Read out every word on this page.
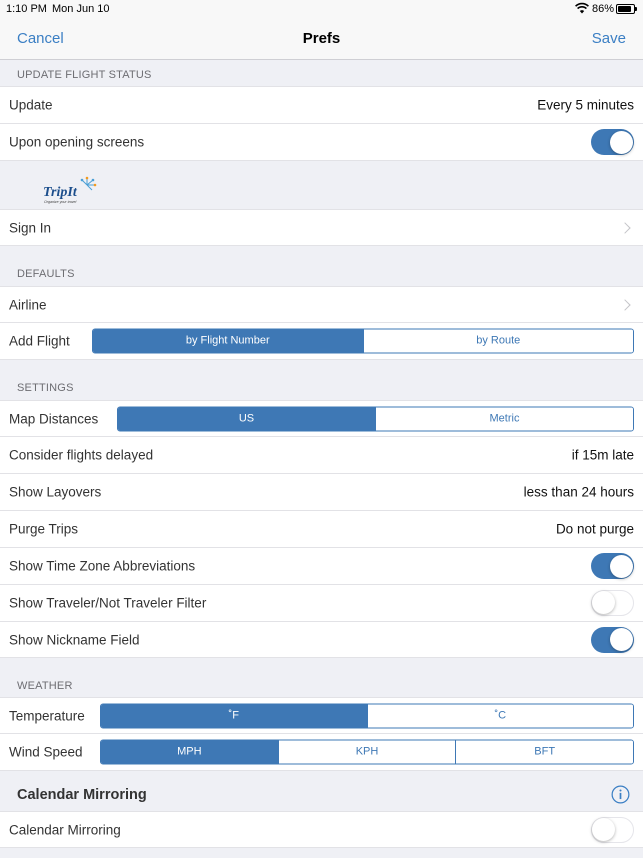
1:10 PM Mon Jun 10	86%
Cancel	Prefs	Save
UPDATE FLIGHT STATUS
Update	Every 5 minutes
Upon opening screens
TripIt
Organize your travel
Sign In
DEFAULTS
Airline
Add Flight	by Flight Number	by Route
SETTINGS
Map Distances	US	Metric
Consider flights delayed	if 15m late
Show Layovers	less than 24 hours
Purge Trips	Do not purge
Show Time Zone Abbreviations
Show Traveler/Not Traveler Filter
Show Nickname Field
WEATHER
Temperature	˚F	˚C
Wind Speed	MPH	KPH	BFT
Calendar Mirroring
Calendar Mirroring
